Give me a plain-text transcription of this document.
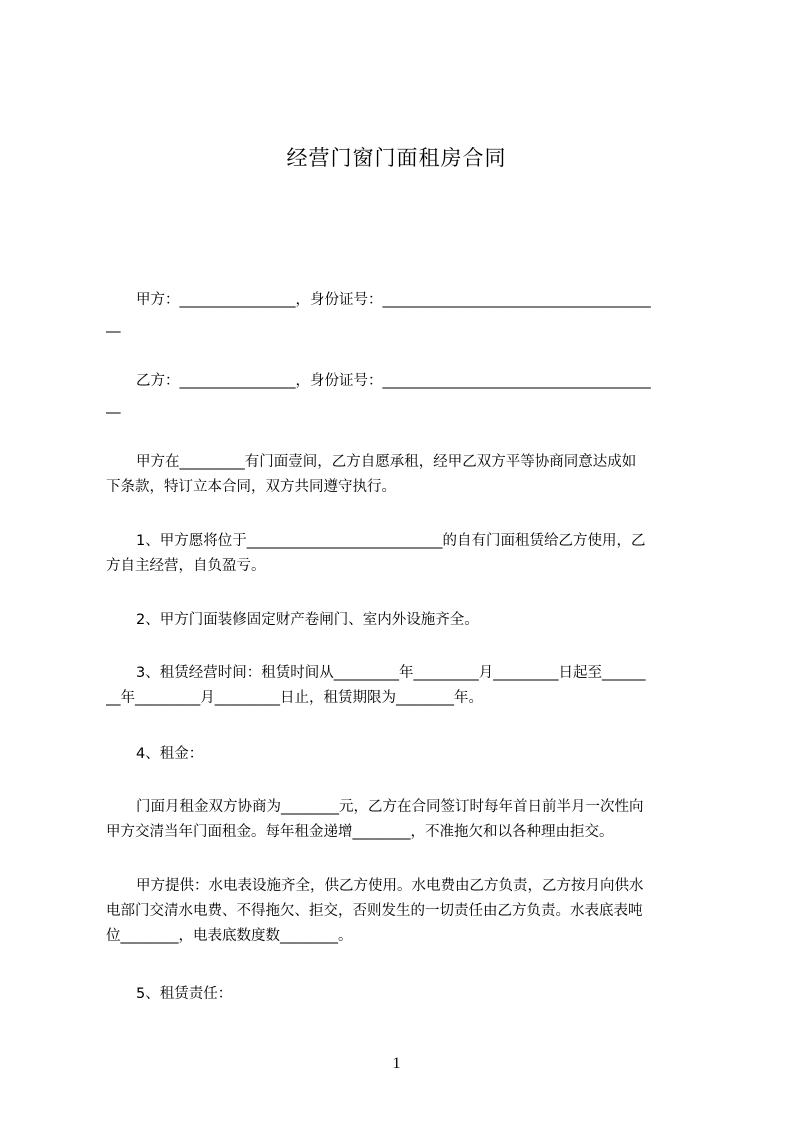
经营门窗门面租房合同
甲方：________________，身份证号：_____________________________________
__
乙方：________________，身份证号：_____________________________________
__
甲方在_________有门面壹间，乙方自愿承租，经甲乙双方平等协商同意达成如
下条款，特订立本合同，双方共同遵守执行。
1、甲方愿将位于___________________________的自有门面租赁给乙方使用，乙
方自主经营，自负盈亏。
2、甲方门面装修固定财产卷闸门、室内外设施齐全。
3、租赁经营时间：租赁时间从_________年_________月_________日起至______
__年_________月_________日止，租赁期限为________年。
4、租金：
门面月租金双方协商为________元，乙方在合同签订时每年首日前半月一次性向
甲方交清当年门面租金。每年租金递增________，不准拖欠和以各种理由拒交。
甲方提供：水电表设施齐全，供乙方使用。水电费由乙方负责，乙方按月向供水
电部门交清水电费、不得拖欠、拒交，否则发生的一切责任由乙方负责。水表底表吨
位________，电表底数度数________。
5、租赁责任：
1
